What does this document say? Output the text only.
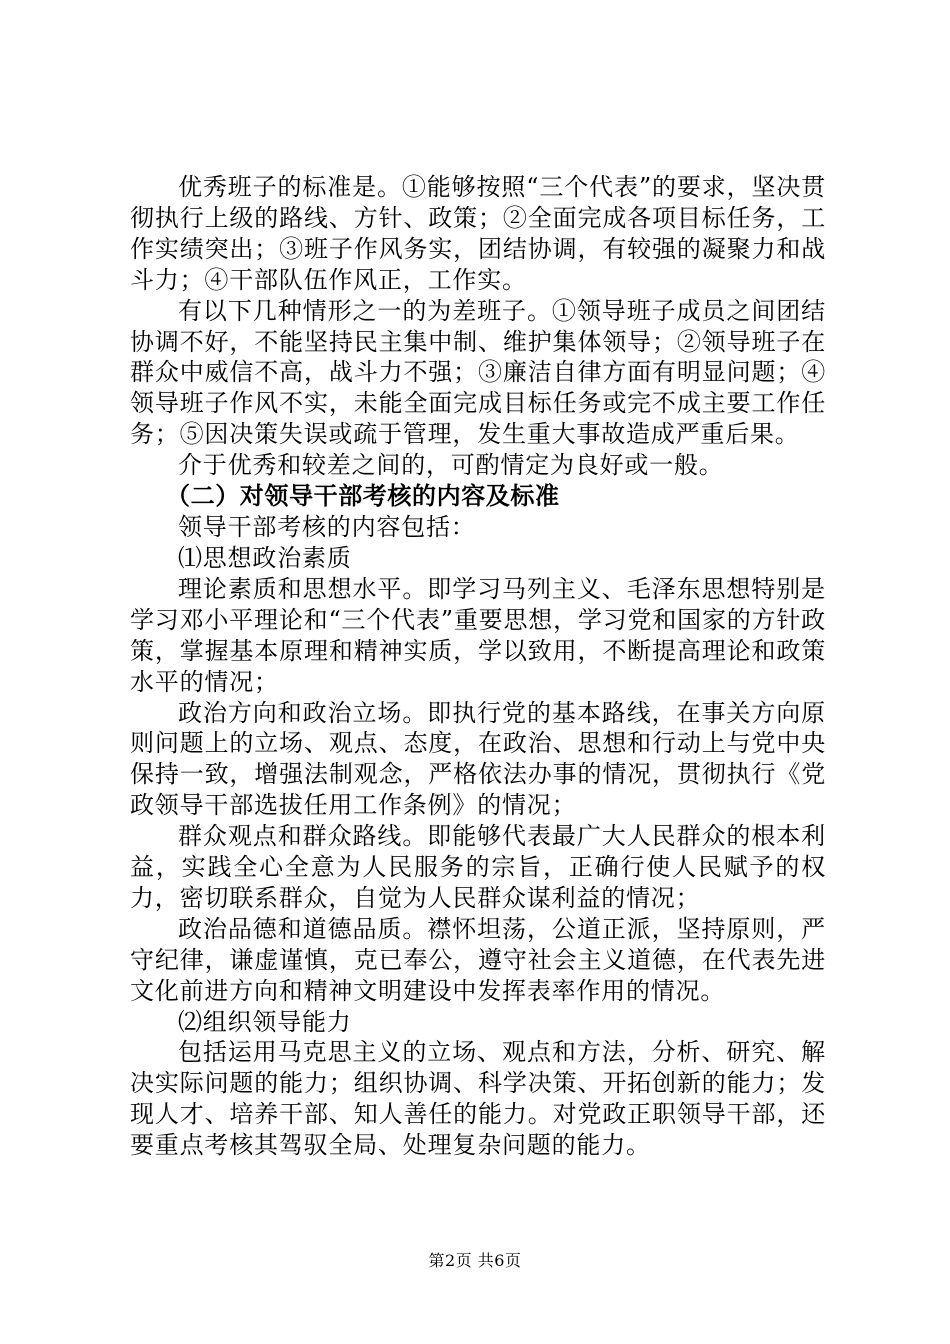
优秀班子的标准是。①能够按照“三个代表”的要求，坚决贯彻执行上级的路线、方针、政策；②全面完成各项目标任务，工作实绩突出；③班子作风务实，团结协调，有较强的凝聚力和战斗力；④干部队伍作风正，工作实。

有以下几种情形之一的为差班子。①领导班子成员之间团结协调不好，不能坚持民主集中制、维护集体领导；②领导班子在群众中威信不高，战斗力不强；③廉洁自律方面有明显问题；④领导班子作风不实，未能全面完成目标任务或完不成主要工作任务；⑤因决策失误或疏于管理，发生重大事故造成严重后果。

介于优秀和较差之间的，可酌情定为良好或一般。

（二）对领导干部考核的内容及标准

领导干部考核的内容包括：

⑴思想政治素质

理论素质和思想水平。即学习马列主义、毛泽东思想特别是学习邓小平理论和“三个代表”重要思想，学习党和国家的方针政策，掌握基本原理和精神实质，学以致用，不断提高理论和政策水平的情况；

政治方向和政治立场。即执行党的基本路线，在事关方向原则问题上的立场、观点、态度，在政治、思想和行动上与党中央保持一致，增强法制观念，严格依法办事的情况，贯彻执行《党政领导干部选拔任用工作条例》的情况；

群众观点和群众路线。即能够代表最广大人民群众的根本利益，实践全心全意为人民服务的宗旨，正确行使人民赋予的权力，密切联系群众，自觉为人民群众谋利益的情况；

政治品德和道德品质。襟怀坦荡，公道正派，坚持原则，严守纪律，谦虚谨慎，克已奉公，遵守社会主义道德，在代表先进文化前进方向和精神文明建设中发挥表率作用的情况。

⑵组织领导能力

包括运用马克思主义的立场、观点和方法，分析、研究、解决实际问题的能力；组织协调、科学决策、开拓创新的能力；发现人才、培养干部、知人善任的能力。对党政正职领导干部，还要重点考核其驾驭全局、处理复杂问题的能力。

第2页 共6页
